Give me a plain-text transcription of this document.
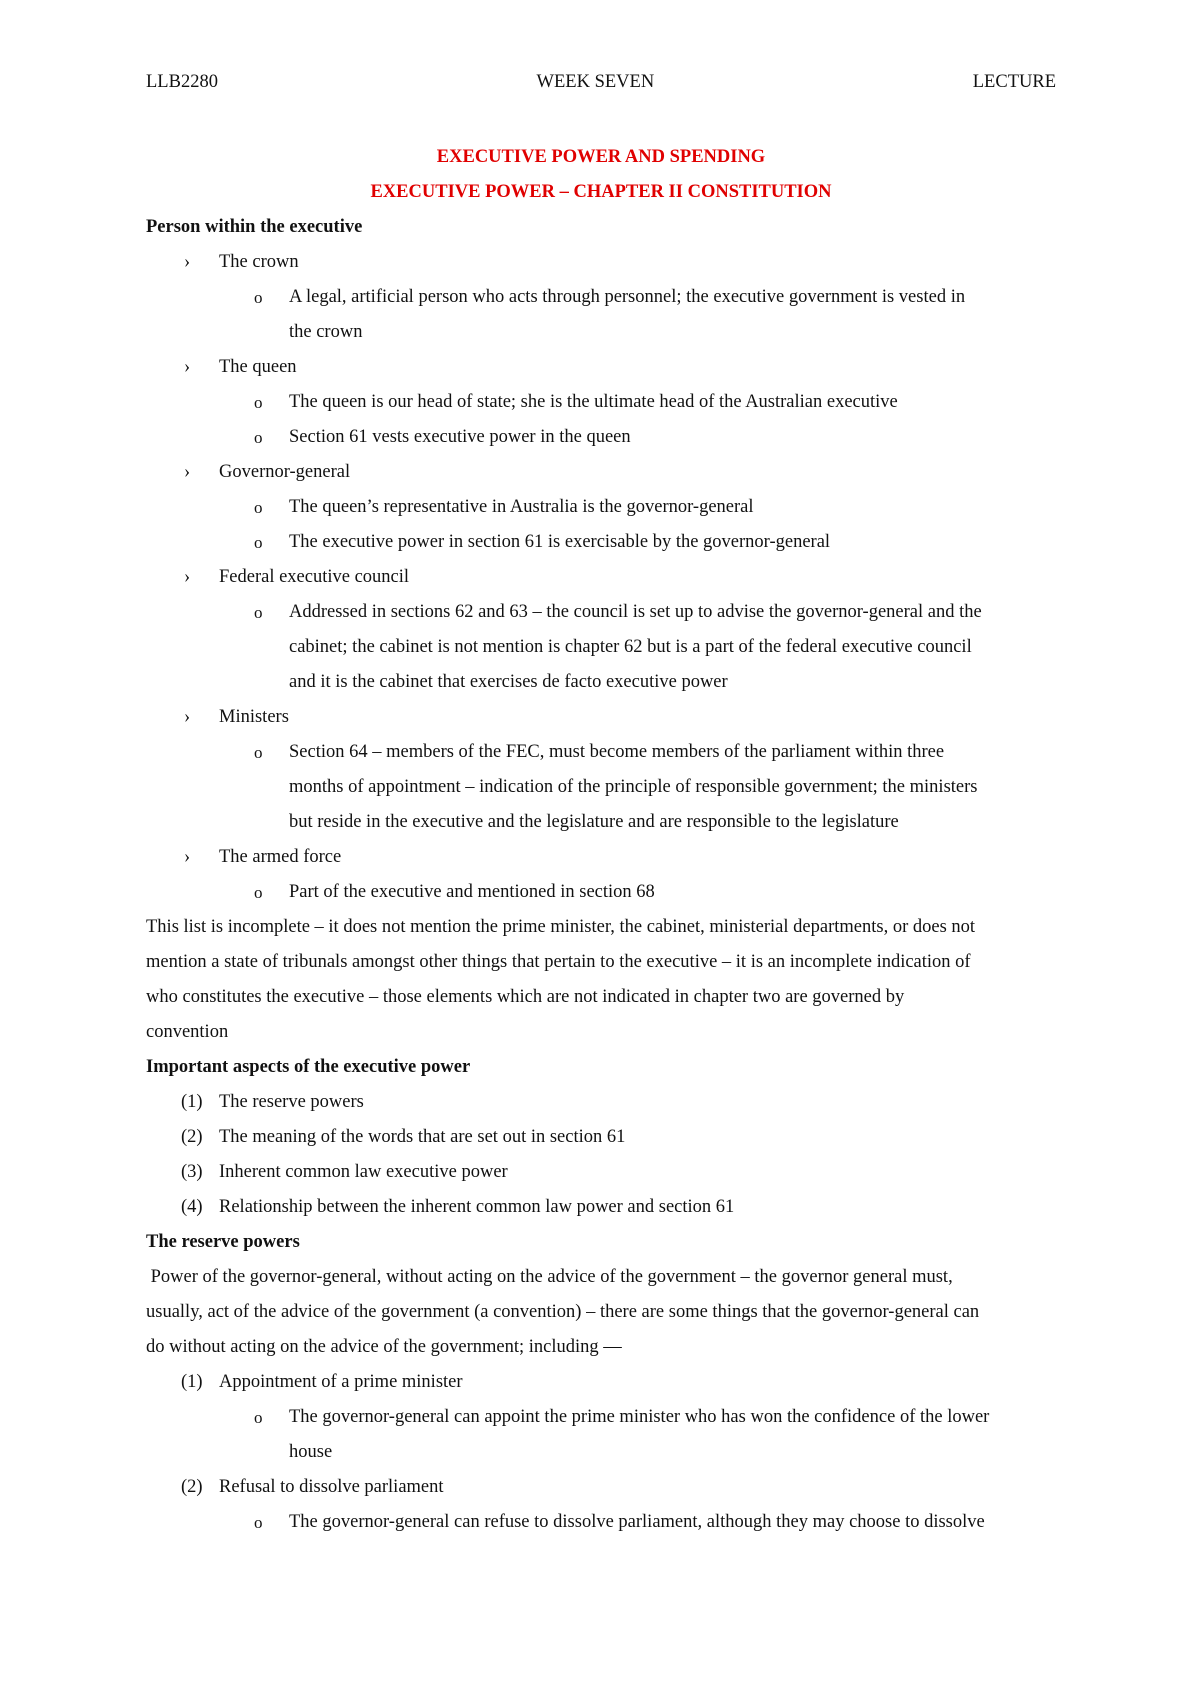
LLB2280	WEEK SEVEN	LECTURE
EXECUTIVE POWER AND SPENDING
EXECUTIVE POWER – CHAPTER II CONSTITUTION
Person within the executive
›	The crown
o	A legal, artificial person who acts through personnel; the executive government is vested in
the crown
›	The queen
o	The queen is our head of state; she is the ultimate head of the Australian executive
o	Section 61 vests executive power in the queen
›	Governor-general
o	The queen’s representative in Australia is the governor-general
o	The executive power in section 61 is exercisable by the governor-general
›	Federal executive council
o	Addressed in sections 62 and 63 – the council is set up to advise the governor-general and the
cabinet; the cabinet is not mention is chapter 62 but is a part of the federal executive council
and it is the cabinet that exercises de facto executive power
›	Ministers
o	Section 64 – members of the FEC, must become members of the parliament within three
months of appointment – indication of the principle of responsible government; the ministers
but reside in the executive and the legislature and are responsible to the legislature
›	The armed force
o	Part of the executive and mentioned in section 68
This list is incomplete – it does not mention the prime minister, the cabinet, ministerial departments, or does not
mention a state of tribunals amongst other things that pertain to the executive – it is an incomplete indication of
who constitutes the executive – those elements which are not indicated in chapter two are governed by
convention
Important aspects of the executive power
(1) The reserve powers
(2) The meaning of the words that are set out in section 61
(3) Inherent common law executive power
(4) Relationship between the inherent common law power and section 61
The reserve powers
Power of the governor-general, without acting on the advice of the government – the governor general must,
usually, act of the advice of the government (a convention) – there are some things that the governor-general can
do without acting on the advice of the government; including —
(1) Appointment of a prime minister
o	The governor-general can appoint the prime minister who has won the confidence of the lower
house
(2) Refusal to dissolve parliament
o	The governor-general can refuse to dissolve parliament, although they may choose to dissolve
